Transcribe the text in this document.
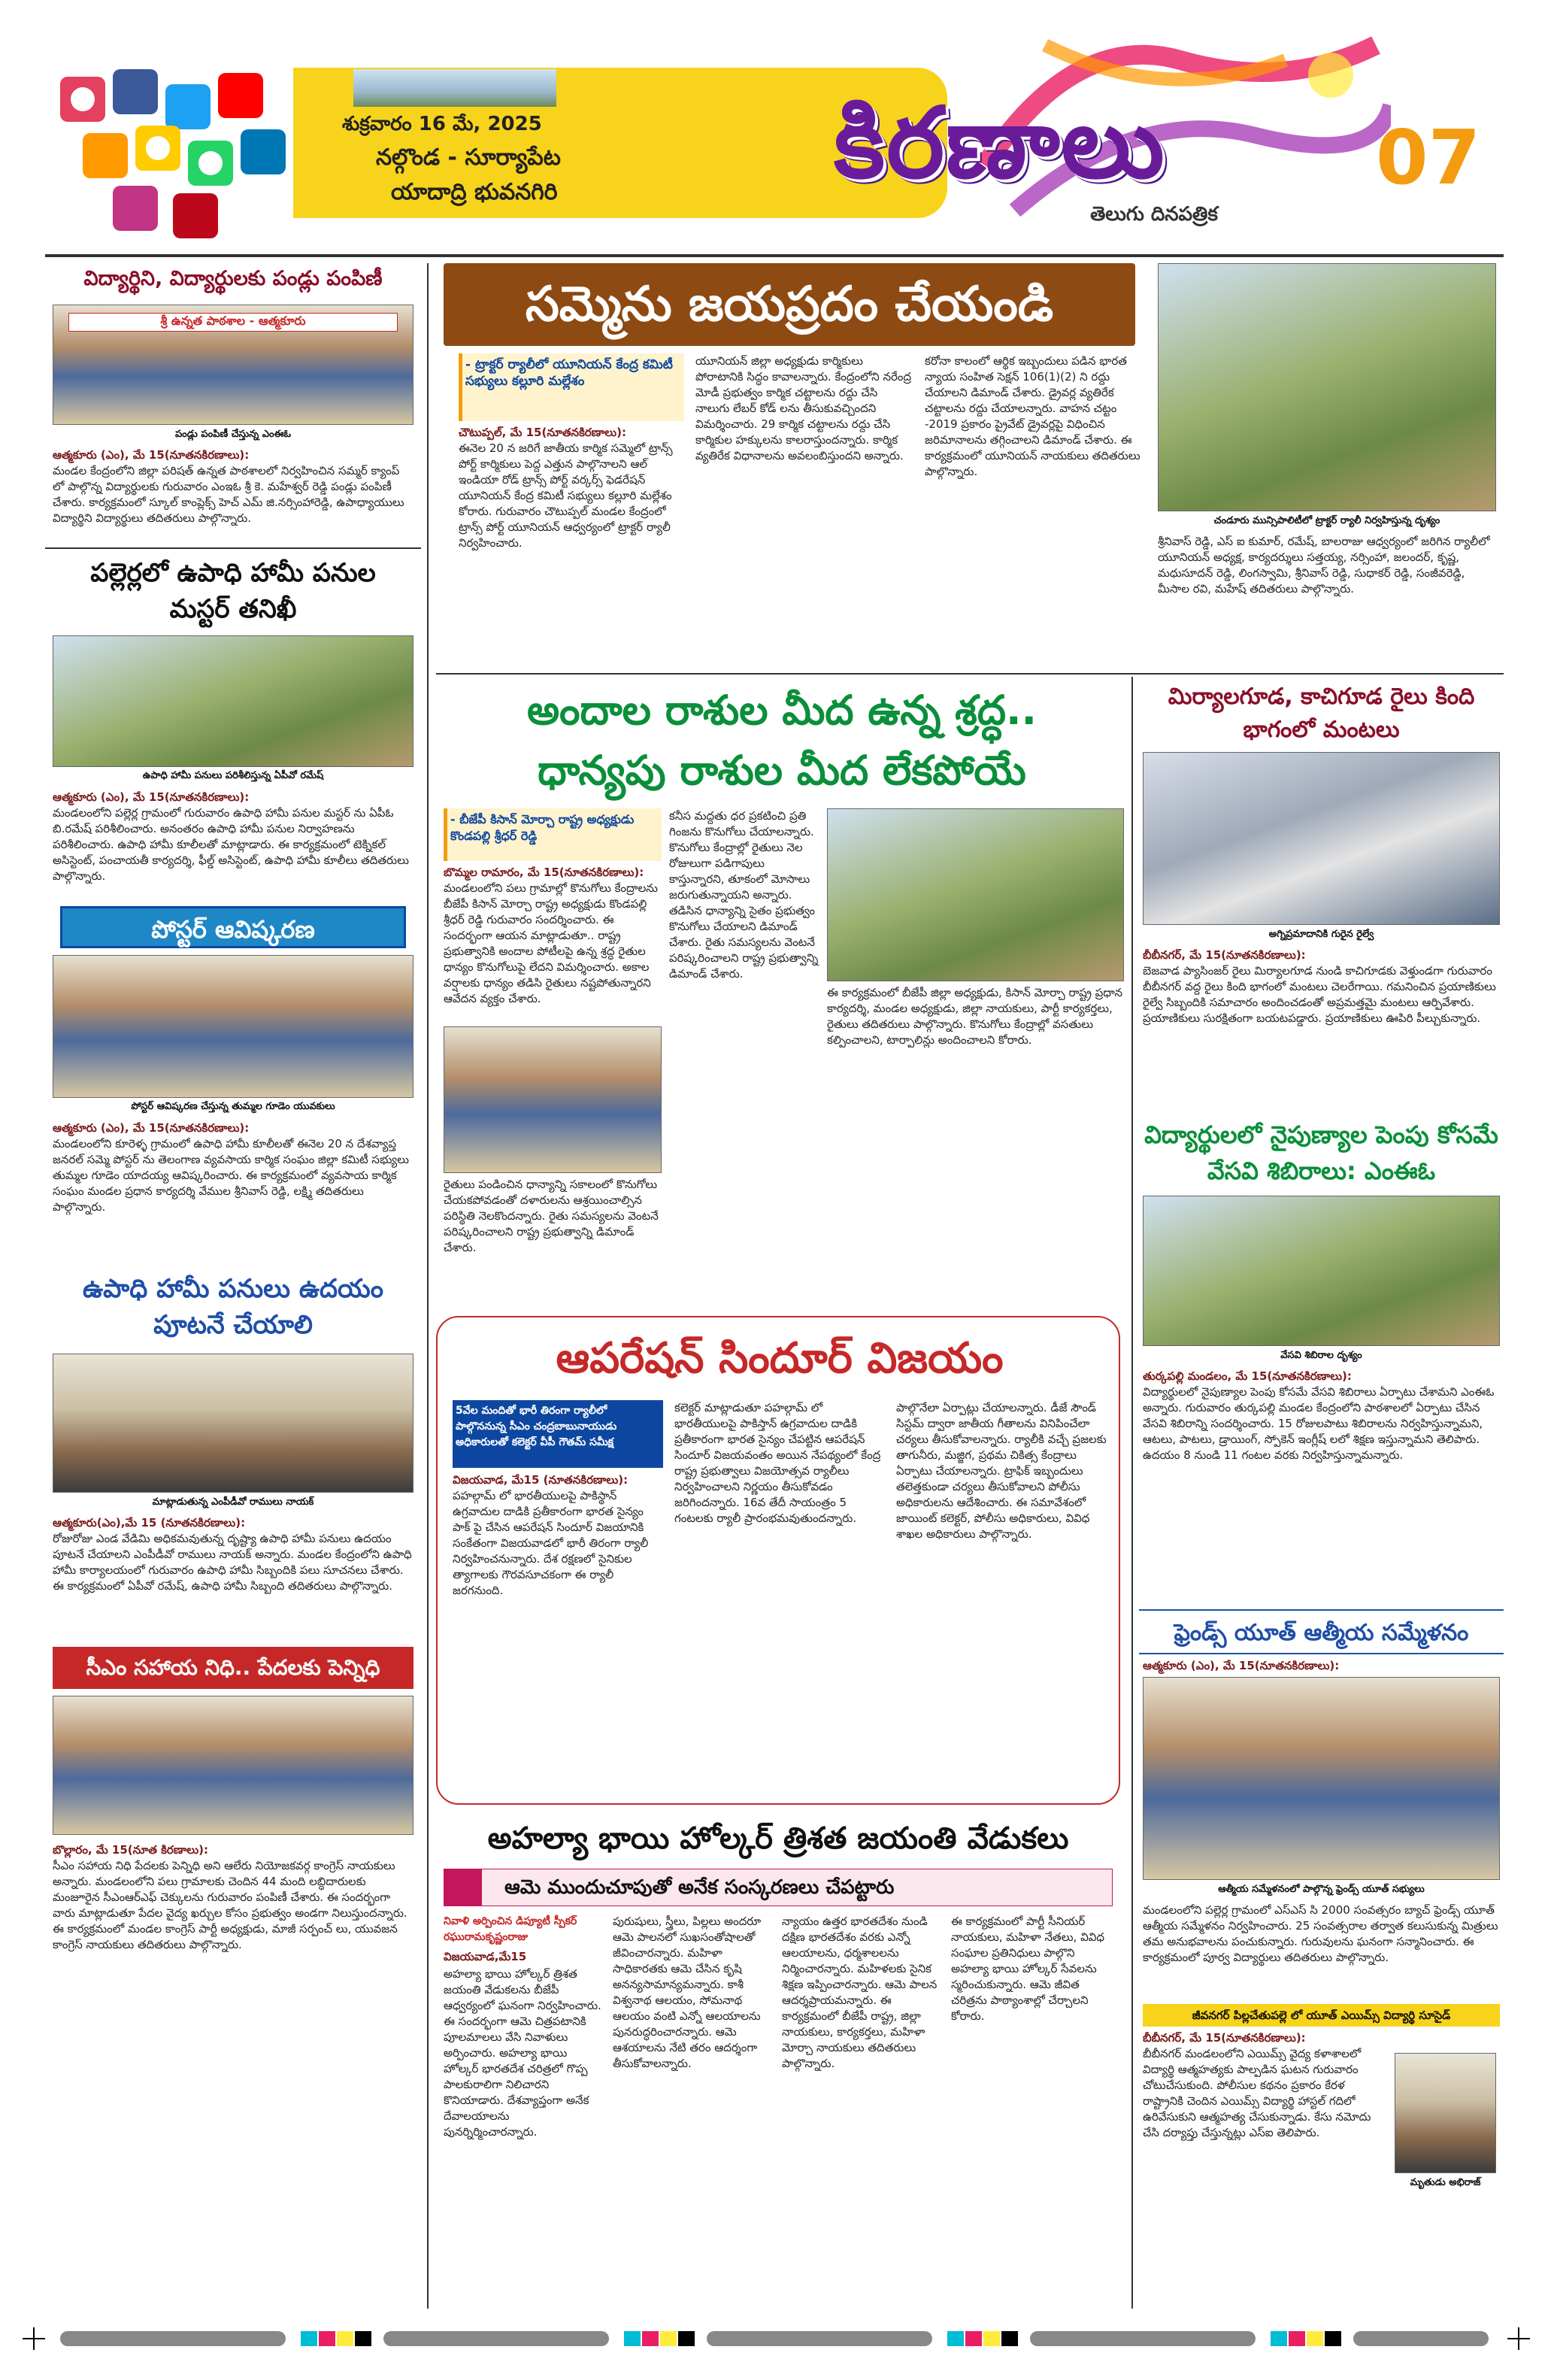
శుక్రవారం 16 మే, 2025
నల్గొండ - సూర్యాపేట
యాదాద్రి భువనగిరి	కిరణాలు
తెలుగు దినపత్రిక
07
విద్యార్థిని, విద్యార్థులకు పండ్లు పంపిణీ
శ్రీ ఉన్నత పాఠశాల - ఆత్మకూరు
పండ్లు పంపిణీ చేస్తున్న ఎంఈఓ
ఆత్మకూరు (ఎం), మే 15(నూతనకిరణాలు):
మండల కేంద్రంలోని జిల్లా పరిషత్ ఉన్నత పాఠశాలలో నిర్వహించిన సమ్మర్ క్యాంప్ లో పాల్గొన్న విద్యార్థులకు గురువారం ఎంఇఓ శ్రీ కె. మహేశ్వర్ రెడ్డి పండ్లు పంపిణీ చేశారు. కార్యక్రమంలో స్కూల్ కాంప్లెక్స్ హెచ్ ఎమ్ జి.నర్సింహారెడ్డి, ఉపాధ్యాయులు విద్యార్థిని విద్యార్థులు తదితరులు పాల్గొన్నారు.
పల్లెర్లలో ఉపాధి హామీ పనుల మస్టర్ తనిఖీ
ఉపాధి హామీ పనులు పరిశీలిస్తున్న ఏపీవో రమేష్
ఆత్మకూరు (ఎం), మే 15(నూతనకిరణాలు):
మండలంలోని పల్లెర్ల గ్రామంలో గురువారం ఉపాధి హామీ పనుల మస్టర్ ను ఏపీఓ బి.రమేష్ పరిశీలించారు. అనంతరం ఉపాధి హామీ పనుల నిర్వాహణను పరిశీలించారు. ఉపాధి హామీ కూలీలతో మాట్లాడారు. ఈ కార్యక్రమంలో టెక్నికల్ అసిస్టెంట్, పంచాయతీ కార్యదర్శి, ఫీల్డ్ అసిస్టెంట్, ఉపాధి హామీ కూలీలు తదితరులు పాల్గొన్నారు.
పోస్టర్ ఆవిష్కరణ
పోస్టర్ ఆవిష్కరణ చేస్తున్న తుమ్మల గూడెం యువకులు
ఆత్మకూరు (ఎం), మే 15(నూతనకిరణాలు):
మండలంలోని కూరెళ్ళ గ్రామంలో ఉపాధి హామీ కూలీలతో ఈనెల 20 న దేశవ్యాప్త జనరల్ సమ్మె పోస్టర్ ను తెలంగాణ వ్యవసాయ కార్మిక సంఘం జిల్లా కమిటీ సభ్యులు తుమ్మల గూడెం యాదయ్య ఆవిష్కరించారు. ఈ కార్యక్రమంలో వ్యవసాయ కార్మిక సంఘం మండల ప్రధాన కార్యదర్శి వేముల శ్రీనివాస్ రెడ్డి, లక్ష్మి తదితరులు పాల్గొన్నారు.
ఉపాధి హామీ పనులు ఉదయం పూటనే చేయాలి
మాట్లాడుతున్న ఎంపీడీవో రాములు నాయక్
ఆత్మకూరు(ఎం),మే 15 (నూతనకిరణాలు):
రోజురోజు ఎండ వేడిమి అధికమవుతున్న దృష్ట్యా ఉపాధి హామీ పనులు ఉదయం పూటనే చేయాలని ఎంపీడీవో రాములు నాయక్ అన్నారు. మండల కేంద్రంలోని ఉపాధి హామీ కార్యాలయంలో గురువారం ఉపాధి హామీ సిబ్బందికి పలు సూచనలు చేశారు. ఈ కార్యక్రమంలో ఏపీవో రమేష్, ఉపాధి హామీ సిబ్బంది తదితరులు పాల్గొన్నారు.
సీఎం సహాయ నిధి.. పేదలకు పెన్నిధి
బొల్లారం, మే 15(నూత కిరణాలు):
సీఎం సహాయ నిధి పేదలకు పెన్నిధి అని ఆలేరు నియోజకవర్గ కాంగ్రెస్ నాయకులు అన్నారు. మండలంలోని పలు గ్రామాలకు చెందిన 44 మంది లబ్ధిదారులకు మంజూరైన సీఎంఆర్ఎఫ్ చెక్కులను గురువారం పంపిణీ చేశారు. ఈ సందర్భంగా వారు మాట్లాడుతూ పేదల వైద్య ఖర్చుల కోసం ప్రభుత్వం అండగా నిలుస్తుందన్నారు. ఈ కార్యక్రమంలో మండల కాంగ్రెస్ పార్టీ అధ్యక్షుడు, మాజీ సర్పంచ్ లు, యువజన కాంగ్రెస్ నాయకులు తదితరులు పాల్గొన్నారు.
సమ్మెను జయప్రదం చేయండి
చండూరు మున్సిపాలిటీలో ట్రాక్టర్ ర్యాలీ నిర్వహిస్తున్న దృశ్యం
- ట్రాక్టర్ ర్యాలీలో యూనియన్ కేంద్ర కమిటీ సభ్యులు కల్లూరి మల్లేశం
చౌటుప్పల్, మే 15(నూతనకిరణాలు):
ఈనెల 20 న జరిగే జాతీయ కార్మిక సమ్మెలో ట్రాన్స్ పోర్ట్ కార్మికులు పెద్ద ఎత్తున పాల్గొనాలని ఆల్ ఇండియా రోడ్ ట్రాన్స్ పోర్ట్ వర్కర్స్ ఫెడరేషన్ యూనియన్ కేంద్ర కమిటీ సభ్యులు కల్లూరి మల్లేశం కోరారు. గురువారం చౌటుప్పల్ మండల కేంద్రంలో ట్రాన్స్ పోర్ట్ యూనియన్ ఆధ్వర్యంలో ట్రాక్టర్ ర్యాలీ నిర్వహించారు.
యూనియన్ జిల్లా అధ్యక్షుడు కార్మికులు పోరాటానికి సిద్ధం కావాలన్నారు. కేంద్రంలోని నరేంద్ర మోడీ ప్రభుత్వం కార్మిక చట్టాలను రద్దు చేసి నాలుగు లేబర్ కోడ్ లను తీసుకువచ్చిందని విమర్శించారు. 29 కార్మిక చట్టాలను రద్దు చేసి కార్మికుల హక్కులను కాలరాస్తుందన్నారు. కార్మిక వ్యతిరేక విధానాలను అవలంబిస్తుందని అన్నారు.
కరోనా కాలంలో ఆర్థిక ఇబ్బందులు పడిన భారత న్యాయ సంహిత సెక్షన్ 106(1)(2) ని రద్దు చేయాలని డిమాండ్ చేశారు. డ్రైవర్ల వ్యతిరేక చట్టాలను రద్దు చేయాలన్నారు. వాహన చట్టం -2019 ప్రకారం ప్రైవేట్ డ్రైవర్లపై విధించిన జరిమానాలను తగ్గించాలని డిమాండ్ చేశారు. ఈ కార్యక్రమంలో యూనియన్ నాయకులు తదితరులు పాల్గొన్నారు.
శ్రీనివాస్ రెడ్డి, ఎస్ ఐ కుమార్, రమేష్, బాలరాజు ఆధ్వర్యంలో జరిగిన ర్యాలీలో యూనియన్ అధ్యక్ష, కార్యదర్శులు సత్తయ్య, నర్సింహా, జలందర్, కృష్ణ, మధుసూదన్ రెడ్డి, లింగస్వామి, శ్రీనివాస్ రెడ్డి, సుధాకర్ రెడ్డి, సంజీవరెడ్డి, మీసాల రవి, మహేష్ తదితరులు పాల్గొన్నారు.
అందాల రాశుల మీద ఉన్న శ్రద్ధ..
ధాన్యపు రాశుల మీద లేకపోయే
- బీజేపీ కిసాన్ మోర్చా రాష్ట్ర అధ్యక్షుడు కొండపల్లి శ్రీధర్ రెడ్డి
బొమ్మల రామారం, మే 15(నూతనకిరణాలు):
మండలంలోని పలు గ్రామాల్లో కొనుగోలు కేంద్రాలను బీజేపీ కిసాన్ మోర్చా రాష్ట్ర అధ్యక్షుడు కొండపల్లి శ్రీధర్ రెడ్డి గురువారం సందర్శించారు. ఈ సందర్భంగా ఆయన మాట్లాడుతూ.. రాష్ట్ర ప్రభుత్వానికి అందాల పోటీలపై ఉన్న శ్రద్ధ రైతుల ధాన్యం కొనుగోలుపై లేదని విమర్శించారు. అకాల వర్షాలకు ధాన్యం తడిసి రైతులు నష్టపోతున్నారని ఆవేదన వ్యక్తం చేశారు.
కనీస మద్దతు ధర ప్రకటించి ప్రతి గింజను కొనుగోలు చేయాలన్నారు. కొనుగోలు కేంద్రాల్లో రైతులు నెల రోజులుగా పడిగాపులు కాస్తున్నారని, తూకంలో మోసాలు జరుగుతున్నాయని అన్నారు. తడిసిన ధాన్యాన్ని సైతం ప్రభుత్వం కొనుగోలు చేయాలని డిమాండ్ చేశారు. రైతు సమస్యలను వెంటనే పరిష్కరించాలని రాష్ట్ర ప్రభుత్వాన్ని డిమాండ్ చేశారు.
రైతులు పండించిన ధాన్యాన్ని సకాలంలో కొనుగోలు చేయకపోవడంతో దళారులను ఆశ్రయించాల్సిన పరిస్థితి నెలకొందన్నారు. రైతు సమస్యలను వెంటనే పరిష్కరించాలని రాష్ట్ర ప్రభుత్వాన్ని డిమాండ్ చేశారు.
ఈ కార్యక్రమంలో బీజేపీ జిల్లా అధ్యక్షుడు, కిసాన్ మోర్చా రాష్ట్ర ప్రధాన కార్యదర్శి, మండల అధ్యక్షుడు, జిల్లా నాయకులు, పార్టీ కార్యకర్తలు, రైతులు తదితరులు పాల్గొన్నారు. కొనుగోలు కేంద్రాల్లో వసతులు కల్పించాలని, టార్పాలిన్లు అందించాలని కోరారు.
మిర్యాలగూడ, కాచిగూడ రైలు కింది భాగంలో మంటలు
అగ్నిప్రమాదానికి గురైన రైల్వే
బీబీనగర్, మే 15(నూతనకిరణాలు):
బెజవాడ ప్యాసింజర్ రైలు మిర్యాలగూడ నుండి కాచిగూడకు వెళ్తుండగా గురువారం బీబీనగర్ వద్ద రైలు కింది భాగంలో మంటలు చెలరేగాయి. గమనించిన ప్రయాణికులు రైల్వే సిబ్బందికి సమాచారం అందించడంతో అప్రమత్తమై మంటలు ఆర్పివేశారు. ప్రయాణికులు సురక్షితంగా బయటపడ్డారు. ప్రయాణికులు ఊపిరి పీల్చుకున్నారు.
విద్యార్థులలో నైపుణ్యాల పెంపు కోసమే వేసవి శిబిరాలు: ఎంఈఓ
వేసవి శిబిరాల దృశ్యం
తుర్కపల్లి మండలం, మే 15(నూతనకిరణాలు):
విద్యార్థులలో నైపుణ్యాల పెంపు కోసమే వేసవి శిబిరాలు ఏర్పాటు చేశామని ఎంఈఓ అన్నారు. గురువారం తుర్కపల్లి మండల కేంద్రంలోని పాఠశాలలో ఏర్పాటు చేసిన వేసవి శిబిరాన్ని సందర్శించారు. 15 రోజులపాటు శిబిరాలను నిర్వహిస్తున్నామని, ఆటలు, పాటలు, డ్రాయింగ్, స్పోకెన్ ఇంగ్లీష్ లలో శిక్షణ ఇస్తున్నామని తెలిపారు. ఉదయం 8 నుండి 11 గంటల వరకు నిర్వహిస్తున్నామన్నారు.
ఫ్రెండ్స్ యూత్ ఆత్మీయ సమ్మేళనం
ఆత్మకూరు (ఎం), మే 15(నూతనకిరణాలు):
ఆత్మీయ సమ్మేళనంలో పాల్గొన్న ఫ్రెండ్స్ యూత్ సభ్యులు
మండలంలోని పల్లెర్ల గ్రామంలో ఎస్ఎస్ సి 2000 సంవత్సరం బ్యాచ్ ఫ్రెండ్స్ యూత్ ఆత్మీయ సమ్మేళనం నిర్వహించారు. 25 సంవత్సరాల తర్వాత కలుసుకున్న మిత్రులు తమ అనుభవాలను పంచుకున్నారు. గురువులను ఘనంగా సన్మానించారు. ఈ కార్యక్రమంలో పూర్వ విద్యార్థులు తదితరులు పాల్గొన్నారు.
జీవనగర్ పిల్లచేతుపల్లె లో యూత్ ఎయిమ్స్ విద్యార్థి సూసైడ్
బీబీనగర్, మే 15(నూతనకిరణాలు):
బీబీనగర్ మండలంలోని ఎయిమ్స్ వైద్య కళాశాలలో విద్యార్థి ఆత్మహత్యకు పాల్పడిన ఘటన గురువారం చోటుచేసుకుంది. పోలీసుల కథనం ప్రకారం కేరళ రాష్ట్రానికి చెందిన ఎయిమ్స్ విద్యార్థి హాస్టల్ గదిలో ఉరివేసుకుని ఆత్మహత్య చేసుకున్నాడు. కేసు నమోదు చేసి దర్యాప్తు చేస్తున్నట్లు ఎస్ఐ తెలిపారు.
మృతుడు అభిరాజ్
ఆపరేషన్ సిందూర్ విజయం
5వేల మందితో భారీ తిరంగా ర్యాలీలో పాల్గొననున్న సీఎం చంద్రబాబునాయుడు అధికారులతో కలెక్టర్ వీపీ గౌతమ్ సమీక్ష
విజయవాడ, మే15 (నూతనకిరణాలు):
పహల్గామ్ లో భారతీయులపై పాకిస్థాన్ ఉగ్రవాదుల దాడికి ప్రతీకారంగా భారత సైన్యం పాక్ పై చేసిన ఆపరేషన్ సిందూర్ విజయానికి సంకేతంగా విజయవాడలో భారీ తిరంగా ర్యాలీ నిర్వహించనున్నారు. దేశ రక్షణలో సైనికుల త్యాగాలకు గౌరవసూచకంగా ఈ ర్యాలీ జరగనుంది.
కలెక్టర్ మాట్లాడుతూ పహల్గామ్ లో భారతీయులపై పాకిస్తాన్ ఉగ్రవాదుల దాడికి ప్రతీకారంగా భారత సైన్యం చేపట్టిన ఆపరేషన్ సిందూర్ విజయవంతం అయిన నేపథ్యంలో కేంద్ర రాష్ట్ర ప్రభుత్వాలు విజయోత్సవ ర్యాలీలు నిర్వహించాలని నిర్ణయం తీసుకోవడం జరిగిందన్నారు. 16వ తేదీ సాయంత్రం 5 గంటలకు ర్యాలీ ప్రారంభమవుతుందన్నారు.
పాల్గొనేలా ఏర్పాట్లు చేయాలన్నారు. డీజే సౌండ్ సిస్టమ్ ద్వారా జాతీయ గీతాలను వినిపించేలా చర్యలు తీసుకోవాలన్నారు. ర్యాలీకి వచ్చే ప్రజలకు తాగునీరు, మజ్జిగ, ప్రథమ చికిత్స కేంద్రాలు ఏర్పాటు చేయాలన్నారు. ట్రాఫిక్ ఇబ్బందులు తలెత్తకుండా చర్యలు తీసుకోవాలని పోలీసు అధికారులను ఆదేశించారు. ఈ సమావేశంలో జాయింట్ కలెక్టర్, పోలీసు అధికారులు, వివిధ శాఖల అధికారులు పాల్గొన్నారు.
అహల్యా భాయి హోల్కర్ త్రిశత జయంతి వేడుకలు
ఆమె ముందుచూపుతో అనేక సంస్కరణలు చేపట్టారు
నివాళి అర్పించిన డిప్యూటీ స్పీకర్ రఘురామకృష్ణంరాజు
విజయవాడ,మే15
అహల్యా భాయి హోల్కర్ త్రిశత జయంతి వేడుకలను బీజేపీ ఆధ్వర్యంలో ఘనంగా నిర్వహించారు. ఈ సందర్భంగా ఆమె చిత్రపటానికి పూలమాలలు వేసి నివాళులు అర్పించారు. అహల్యా భాయి హోల్కర్ భారతదేశ చరిత్రలో గొప్ప పాలకురాలిగా నిలిచారని కొనియాడారు. దేశవ్యాప్తంగా అనేక దేవాలయాలను పునర్నిర్మించారన్నారు.
పురుషులు, స్త్రీలు, పిల్లలు అందరూ ఆమె పాలనలో సుఖసంతోషాలతో జీవించారన్నారు. మహిళా సాధికారతకు ఆమె చేసిన కృషి అనన్యసామాన్యమన్నారు. కాశీ విశ్వనాథ ఆలయం, సోమనాథ ఆలయం వంటి ఎన్నో ఆలయాలను పునరుద్ధరించారన్నారు. ఆమె ఆశయాలను నేటి తరం ఆదర్శంగా తీసుకోవాలన్నారు.
న్యాయం ఉత్తర భారతదేశం నుండి దక్షిణ భారతదేశం వరకు ఎన్నో ఆలయాలను, ధర్మశాలలను నిర్మించారన్నారు. మహిళలకు సైనిక శిక్షణ ఇప్పించారన్నారు. ఆమె పాలన ఆదర్శప్రాయమన్నారు. ఈ కార్యక్రమంలో బీజేపీ రాష్ట్ర, జిల్లా నాయకులు, కార్యకర్తలు, మహిళా మోర్చా నాయకులు తదితరులు పాల్గొన్నారు.
ఈ కార్యక్రమంలో పార్టీ సీనియర్ నాయకులు, మహిళా నేతలు, వివిధ సంఘాల ప్రతినిధులు పాల్గొని అహల్యా భాయి హోల్కర్ సేవలను స్మరించుకున్నారు. ఆమె జీవిత చరిత్రను పాఠ్యాంశాల్లో చేర్చాలని కోరారు.
